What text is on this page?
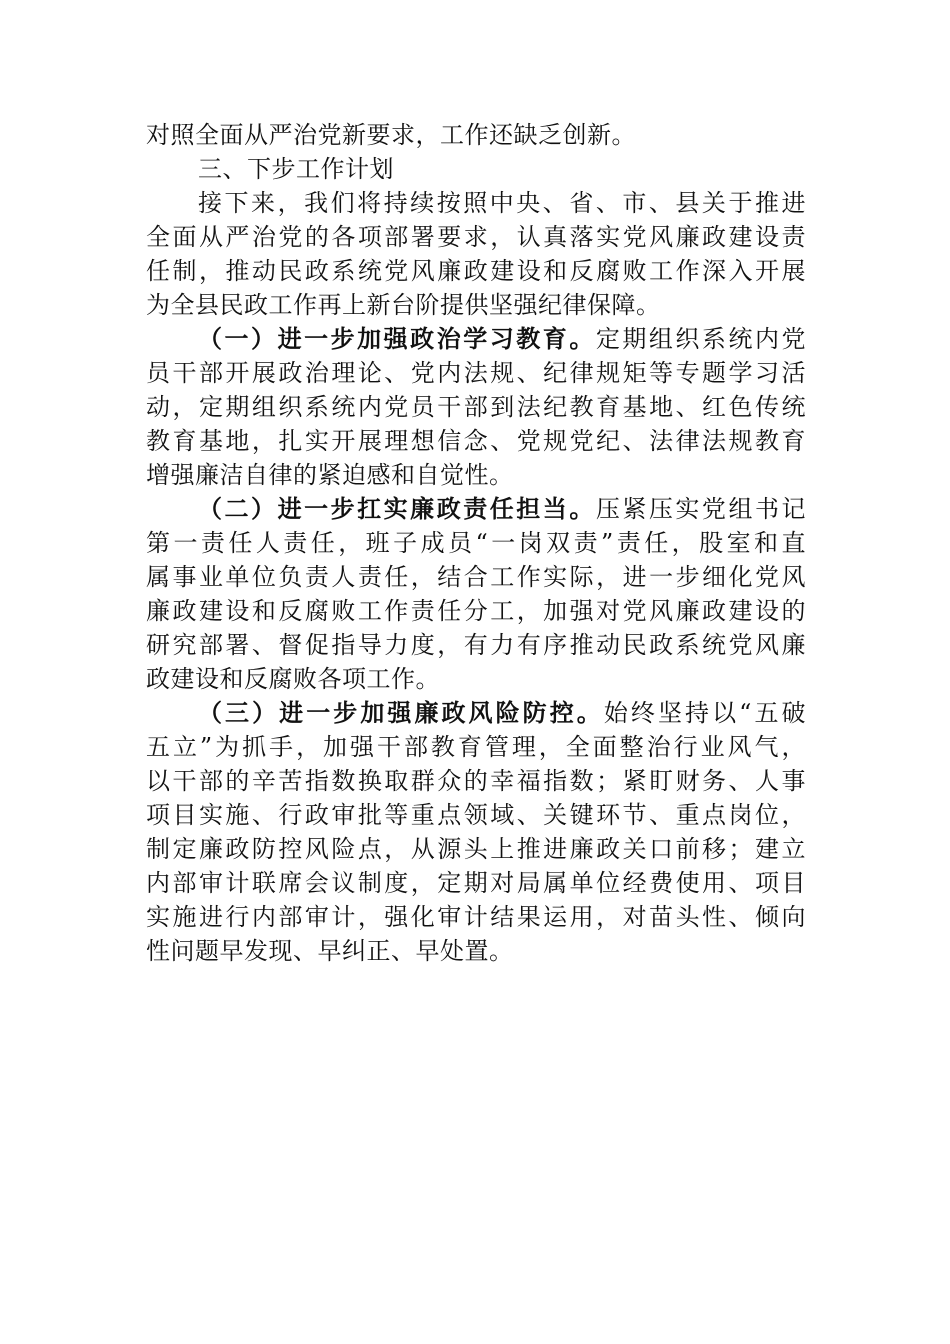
对照全面从严治党新要求，工作还缺乏创新。
三、下步工作计划
接下来，我们将持续按照中央、省、市、县关于推进
全面从严治党的各项部署要求，认真落实党风廉政建设责
任制，推动民政系统党风廉政建设和反腐败工作深入开展
为全县民政工作再上新台阶提供坚强纪律保障。
（一）进一步加强政治学习教育。定期组织系统内党
员干部开展政治理论、党内法规、纪律规矩等专题学习活
动，定期组织系统内党员干部到法纪教育基地、红色传统
教育基地，扎实开展理想信念、党规党纪、法律法规教育
增强廉洁自律的紧迫感和自觉性。
（二）进一步扛实廉政责任担当。压紧压实党组书记
第一责任人责任，班子成员“一岗双责”责任，股室和直
属事业单位负责人责任，结合工作实际，进一步细化党风
廉政建设和反腐败工作责任分工，加强对党风廉政建设的
研究部署、督促指导力度，有力有序推动民政系统党风廉
政建设和反腐败各项工作。
（三）进一步加强廉政风险防控。始终坚持以“五破
五立”为抓手，加强干部教育管理，全面整治行业风气，
以干部的辛苦指数换取群众的幸福指数；紧盯财务、人事
项目实施、行政审批等重点领域、关键环节、重点岗位，
制定廉政防控风险点，从源头上推进廉政关口前移；建立
内部审计联席会议制度，定期对局属单位经费使用、项目
实施进行内部审计，强化审计结果运用，对苗头性、倾向
性问题早发现、早纠正、早处置。
